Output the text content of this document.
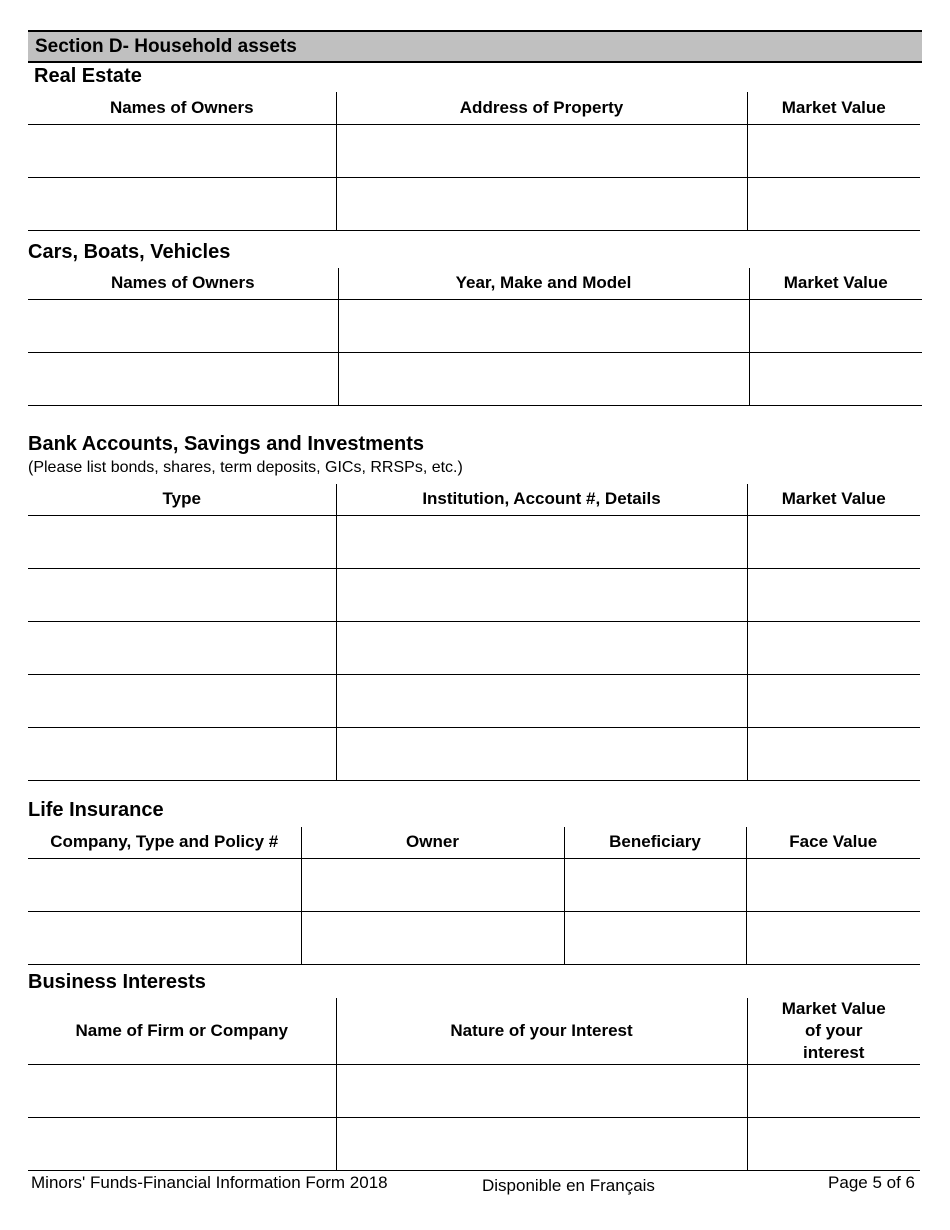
Section D- Household assets
Real Estate
Names of Owners	Address of Property	Market Value

Cars, Boats, Vehicles
Names of Owners	Year, Make and Model	Market Value

Bank Accounts, Savings and Investments
(Please list bonds, shares, term deposits, GICs, RRSPs, etc.)
Type	Institution, Account #, Details	Market Value

Life Insurance
Company, Type and Policy #	Owner	Beneficiary	Face Value

Business Interests
Name of Firm or Company	Nature of your Interest	Market Value of your interest

Minors' Funds-Financial Information Form 2018	Disponible en Français	Page 5 of 6
